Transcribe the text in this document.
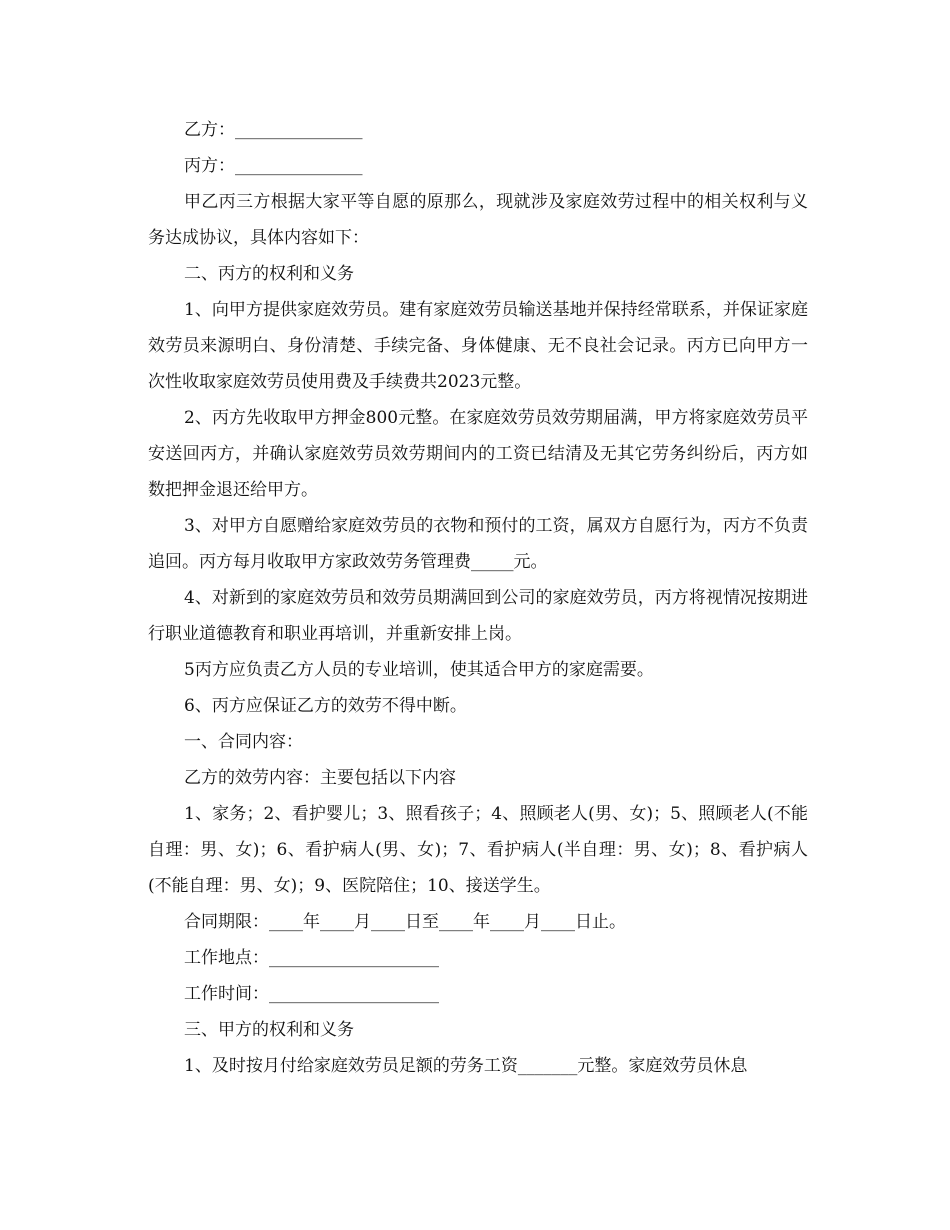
乙方：_______________

丙方：_______________

甲乙丙三方根据大家平等自愿的原那么，现就涉及家庭效劳过程中的相关权利与义务达成协议，具体内容如下：

二、丙方的权利和义务

1、向甲方提供家庭效劳员。建有家庭效劳员输送基地并保持经常联系，并保证家庭效劳员来源明白、身份清楚、手续完备、身体健康、无不良社会记录。丙方已向甲方一次性收取家庭效劳员使用费及手续费共2023元整。

2、丙方先收取甲方押金800元整。在家庭效劳员效劳期届满，甲方将家庭效劳员平安送回丙方，并确认家庭效劳员效劳期间内的工资已结清及无其它劳务纠纷后，丙方如数把押金退还给甲方。

3、对甲方自愿赠给家庭效劳员的衣物和预付的工资，属双方自愿行为，丙方不负责追回。丙方每月收取甲方家政效劳务管理费_____元。

4、对新到的家庭效劳员和效劳员期满回到公司的家庭效劳员，丙方将视情况按期进行职业道德教育和职业再培训，并重新安排上岗。

5丙方应负责乙方人员的专业培训，使其适合甲方的家庭需要。

6、丙方应保证乙方的效劳不得中断。

一、合同内容：

乙方的效劳内容：主要包括以下内容

1、家务；2、看护婴儿；3、照看孩子；4、照顾老人(男、女)；5、照顾老人(不能自理：男、女)；6、看护病人(男、女)；7、看护病人(半自理：男、女)；8、看护病人(不能自理：男、女)；9、医院陪住；10、接送学生。

合同期限：____年____月____日至____年____月____日止。

工作地点：____________________

工作时间：____________________

三、甲方的权利和义务

1、及时按月付给家庭效劳员足额的劳务工资_______元整。家庭效劳员休息
